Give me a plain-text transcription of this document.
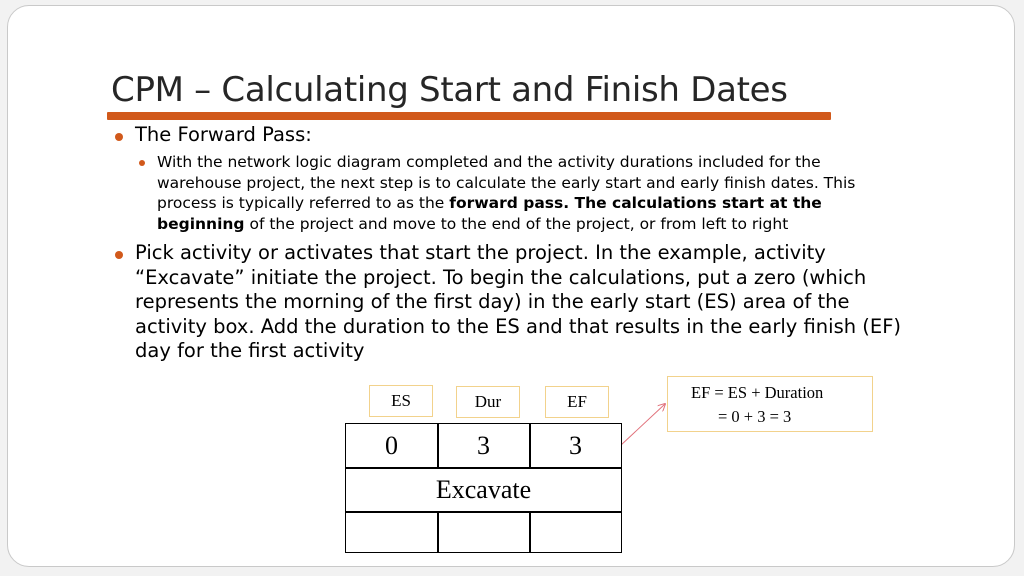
CPM – Calculating Start and Finish Dates
The Forward Pass:
With the network logic diagram completed and the activity durations included for the
warehouse project, the next step is to calculate the early start and early finish dates. This
process is typically referred to as the forward pass. The calculations start at the
beginning of the project and move to the end of the project, or from left to right
Pick activity or activates that start the project. In the example, activity
“Excavate” initiate the project. To begin the calculations, put a zero (which
represents the morning of the first day) in the early start (ES) area of the
activity box. Add the duration to the ES and that results in the early finish (EF)
day for the first activity
ES	Dur	EF	EF = ES + Duration
= 0 + 3 = 3
0	3	3
Excavate
